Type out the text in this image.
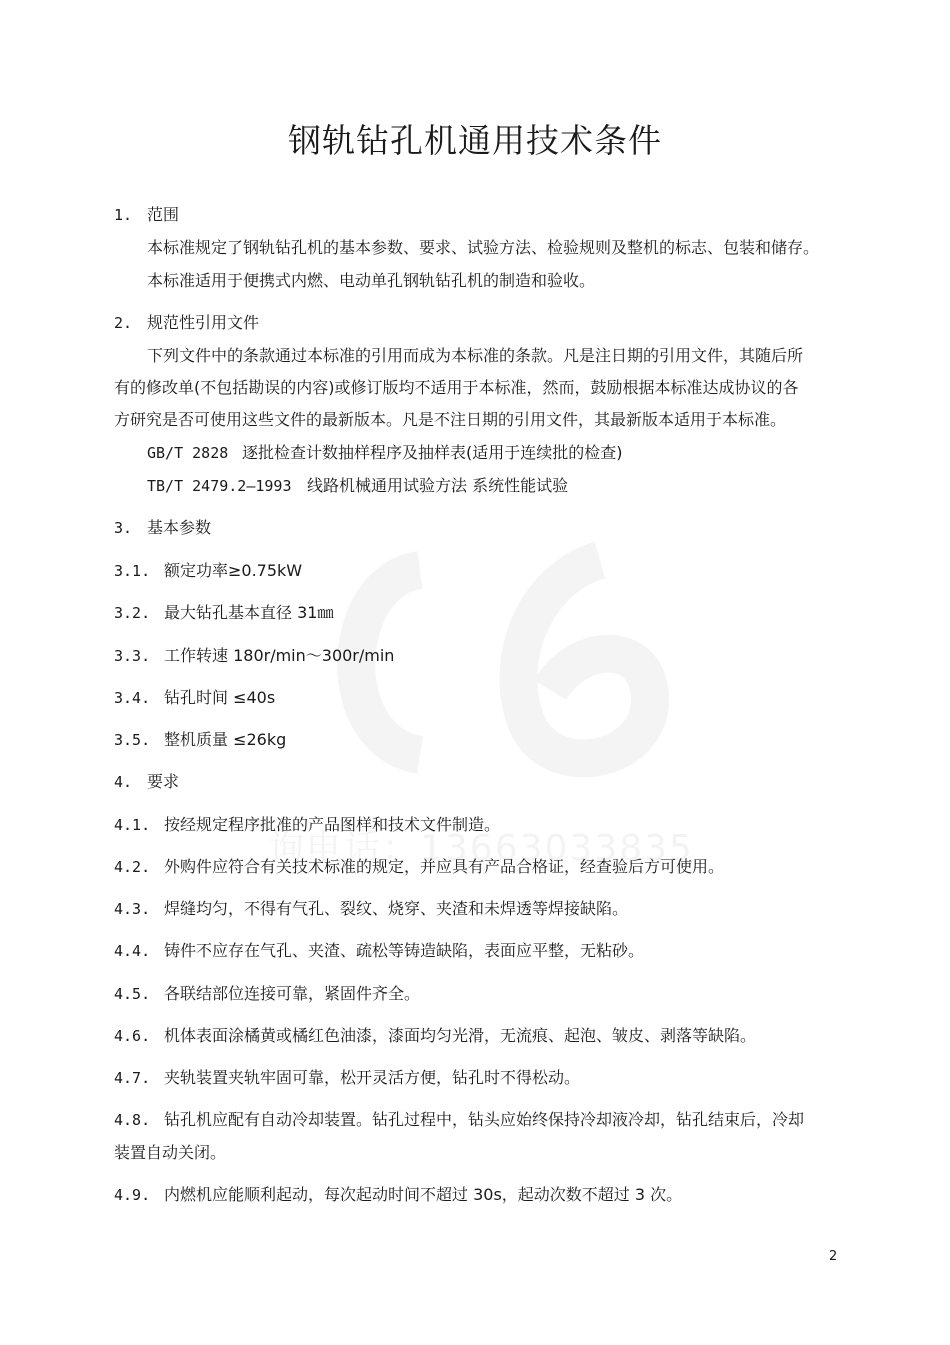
钢轨钻孔机通用技术条件
1. 范围
本标准规定了钢轨钻孔机的基本参数、要求、试验方法、检验规则及整机的标志、包装和储存。
本标准适用于便携式内燃、电动单孔钢轨钻孔机的制造和验收。
2. 规范性引用文件
下列文件中的条款通过本标准的引用而成为本标准的条款。凡是注日期的引用文件，其随后所
有的修改单(不包括勘误的内容)或修订版均不适用于本标准，然而，鼓励根据本标准达成协议的各
方研究是否可使用这些文件的最新版本。凡是不注日期的引用文件，其最新版本适用于本标准。
GB/T 2828 逐批检查计数抽样程序及抽样表(适用于连续批的检查)
TB/T 2479.2—1993 线路机械通用试验方法 系统性能试验
3. 基本参数
3.1. 额定功率≥0.75kW
3.2. 最大钻孔基本直径 31㎜
3.3. 工作转速 180r/min～300r/min
3.4. 钻孔时间 ≤40s
3.5. 整机质量 ≤26kg
4. 要求
4.1. 按经规定程序批准的产品图样和技术文件制造。
4.2. 外购件应符合有关技术标准的规定，并应具有产品合格证，经查验后方可使用。
4.3. 焊缝均匀，不得有气孔、裂纹、烧穿、夹渣和未焊透等焊接缺陷。
4.4. 铸件不应存在气孔、夹渣、疏松等铸造缺陷，表面应平整，无粘砂。
4.5. 各联结部位连接可靠，紧固件齐全。
4.6. 机体表面涂橘黄或橘红色油漆，漆面均匀光滑，无流痕、起泡、皱皮、剥落等缺陷。
4.7. 夹轨装置夹轨牢固可靠，松开灵活方便，钻孔时不得松动。
4.8. 钻孔机应配有自动冷却装置。钻孔过程中，钻头应始终保持冷却液冷却，钻孔结束后，冷却
装置自动关闭。
4.9. 内燃机应能顺利起动，每次起动时间不超过 30s，起动次数不超过 3 次。
2
